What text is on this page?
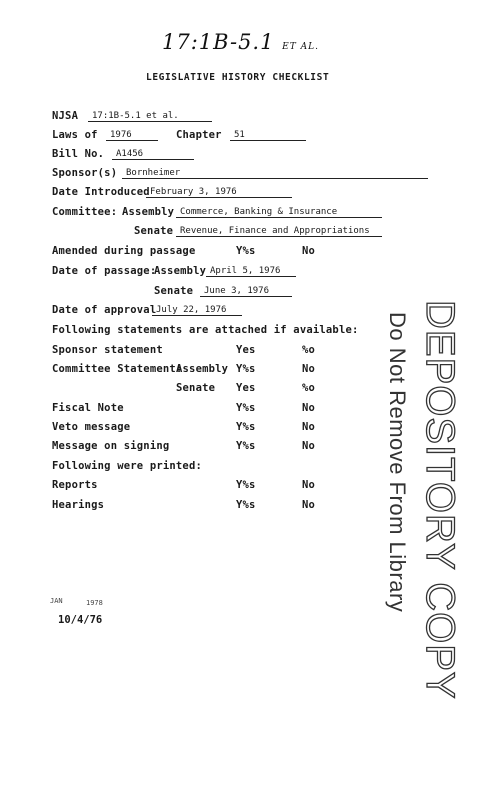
17:1B-5.1 ET AL.
LEGISLATIVE HISTORY CHECKLIST
NJSA	17:1B-5.1 et al.
Laws of	1976	Chapter	51
Bill No.	A1456
Sponsor(s) Bornheimer
Date Introduced February 3, 1976
Committee: Assembly Commerce, Banking & Insurance
Senate Revenue, Finance and Appropriations
Amended during passage	Y%s	No
Date of passage:
Assembly April 5, 1976
Senate	June 3, 1976
Date of approval July 22, 1976
Following statements are attached if available:
Sponsor statement	Yes	%o
Committee Statement:
Assembly Y%s	No
Senate Yes	%o
Fiscal Note	Y%s	No
Veto message	Y%s	No
Message on signing	Y%s	No
Following were printed:
Reports	Y%s	No
Hearings	Y%s	No	DEPOSITORY COPY
Do Not Remove From Library
JAN	1978
10/4/76
